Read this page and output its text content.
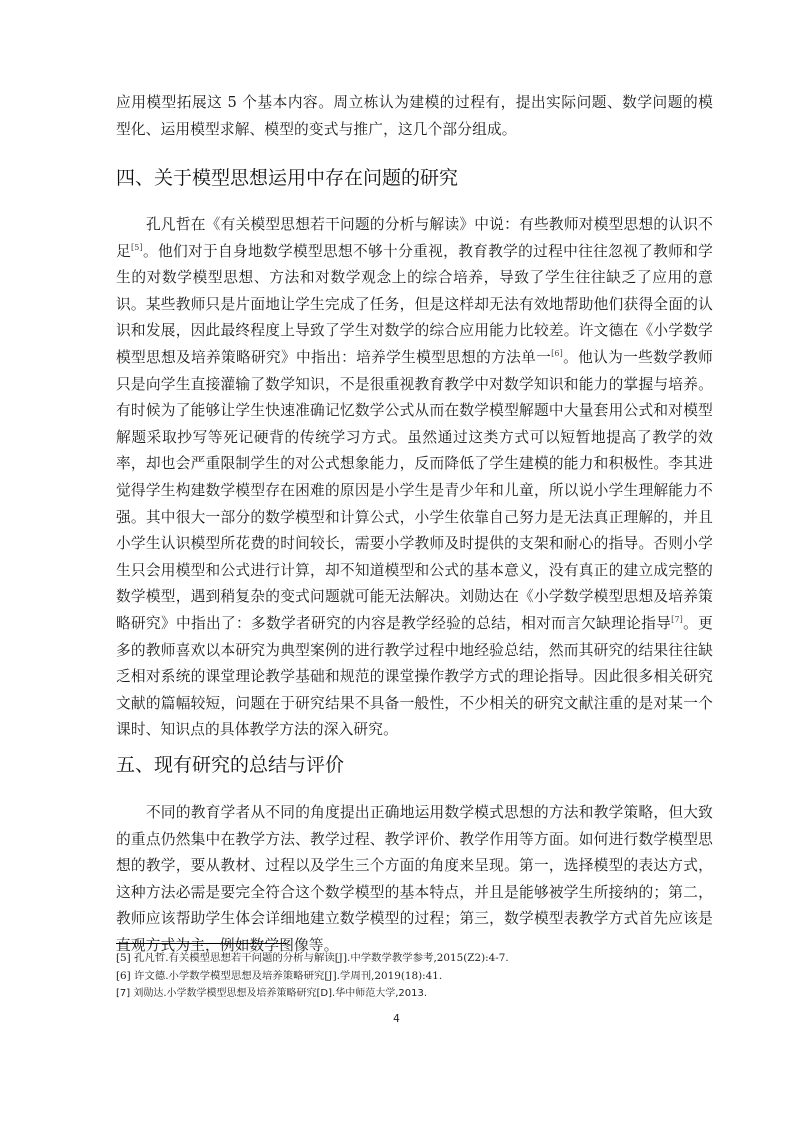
应用模型拓展这 5 个基本内容。周立栋认为建模的过程有，提出实际问题、数学问题的模型化、运用模型求解、模型的变式与推广，这几个部分组成。

四、关于模型思想运用中存在问题的研究

孔凡哲在《有关模型思想若干问题的分析与解读》中说：有些教师对模型思想的认识不足[5]。他们对于自身地数学模型思想不够十分重视，教育教学的过程中往往忽视了教师和学生的对数学模型思想、方法和对数学观念上的综合培养，导致了学生往往缺乏了应用的意识。某些教师只是片面地让学生完成了任务，但是这样却无法有效地帮助他们获得全面的认识和发展，因此最终程度上导致了学生对数学的综合应用能力比较差。许文德在《小学数学模型思想及培养策略研究》中指出：培养学生模型思想的方法单一[6]。他认为一些数学教师只是向学生直接灌输了数学知识，不是很重视教育教学中对数学知识和能力的掌握与培养。有时候为了能够让学生快速准确记忆数学公式从而在数学模型解题中大量套用公式和对模型解题采取抄写等死记硬背的传统学习方式。虽然通过这类方式可以短暂地提高了教学的效率，却也会严重限制学生的对公式想象能力，反而降低了学生建模的能力和积极性。李其进觉得学生构建数学模型存在困难的原因是小学生是青少年和儿童，所以说小学生理解能力不强。其中很大一部分的数学模型和计算公式，小学生依靠自己努力是无法真正理解的，并且小学生认识模型所花费的时间较长，需要小学教师及时提供的支架和耐心的指导。否则小学生只会用模型和公式进行计算，却不知道模型和公式的基本意义，没有真正的建立成完整的数学模型，遇到稍复杂的变式问题就可能无法解决。刘勋达在《小学数学模型思想及培养策略研究》中指出了：多数学者研究的内容是教学经验的总结，相对而言欠缺理论指导[7]。更多的教师喜欢以本研究为典型案例的进行教学过程中地经验总结，然而其研究的结果往往缺乏相对系统的课堂理论教学基础和规范的课堂操作教学方式的理论指导。因此很多相关研究文献的篇幅较短，问题在于研究结果不具备一般性，不少相关的研究文献注重的是对某一个课时、知识点的具体教学方法的深入研究。

五、现有研究的总结与评价

不同的教育学者从不同的角度提出正确地运用数学模式思想的方法和教学策略，但大致的重点仍然集中在教学方法、教学过程、教学评价、教学作用等方面。如何进行数学模型思想的教学，要从教材、过程以及学生三个方面的角度来呈现。第一，选择模型的表达方式，这种方法必需是要完全符合这个数学模型的基本特点，并且是能够被学生所接纳的；第二，教师应该帮助学生体会详细地建立数学模型的过程；第三，数学模型表教学方式首先应该是直观方式为主，例如数学图像等。

[5] 孔凡哲.有关模型思想若干问题的分析与解读[J].中学数学教学参考,2015(Z2):4-7.
[6] 许文德.小学数学模型思想及培养策略研究[J].学周刊,2019(18):41.
[7] 刘勋达.小学数学模型思想及培养策略研究[D].华中师范大学,2013.
4
